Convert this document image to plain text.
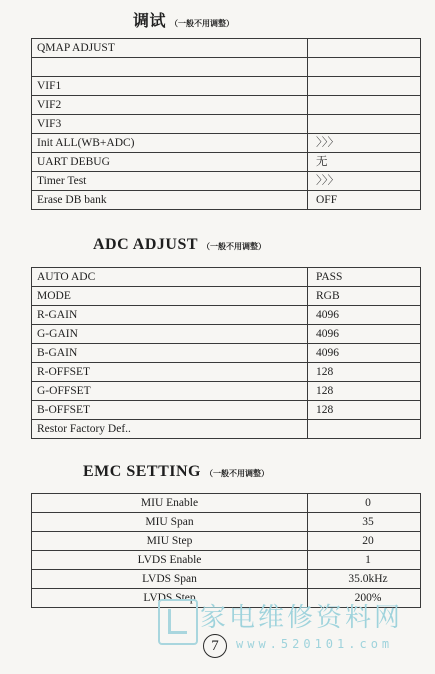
调试 （一般不用调整）
QMAP ADJUST	

VIF1	
VIF2	
VIF3	
Init ALL(WB+ADC)	〉〉〉
UART DEBUG	无
Timer Test	〉〉〉
Erase DB bank	OFF
ADC ADJUST （一般不用调整）
AUTO ADC	PASS
MODE	RGB
R-GAIN	4096
G-GAIN	4096
B-GAIN	4096
R-OFFSET	128
G-OFFSET	128
B-OFFSET	128
Restor Factory Def..	
EMC SETTING （一般不用调整）
MIU Enable	0
MIU Span	35
MIU Step	20
LVDS Enable	1
LVDS Span	35.0kHz
LVDS Step	200%
家电维修资料网
www.520101.com
7
